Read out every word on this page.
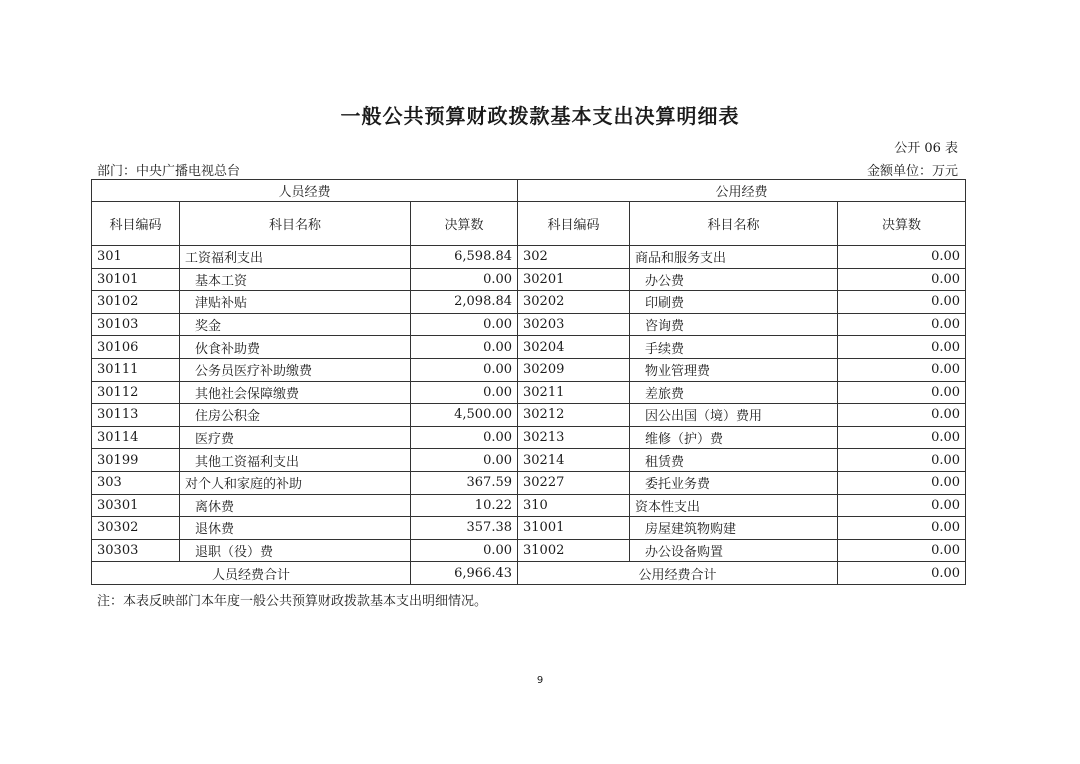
一般公共预算财政拨款基本支出决算明细表
公开 06 表
部门：中央广播电视总台	金额单位：万元
人员经费			公用经费		
科目编码	科目名称	决算数	科目编码	科目名称	决算数
301	工资福利支出	6,598.84	302	商品和服务支出	0.00
30101	基本工资	0.00	30201	办公费	0.00
30102	津贴补贴	2,098.84	30202	印刷费	0.00
30103	奖金	0.00	30203	咨询费	0.00
30106	伙食补助费	0.00	30204	手续费	0.00
30111	公务员医疗补助缴费	0.00	30209	物业管理费	0.00
30112	其他社会保障缴费	0.00	30211	差旅费	0.00
30113	住房公积金	4,500.00	30212	因公出国（境）费用	0.00
30114	医疗费	0.00	30213	维修（护）费	0.00
30199	其他工资福利支出	0.00	30214	租赁费	0.00
303	对个人和家庭的补助	367.59	30227	委托业务费	0.00
30301	离休费	10.22	310	资本性支出	0.00
30302	退休费	357.38	31001	房屋建筑物购建	0.00
30303	退职（役）费	0.00	31002	办公设备购置	0.00
人员经费合计		6,966.43	公用经费合计		0.00
注：本表反映部门本年度一般公共预算财政拨款基本支出明细情况。
9
